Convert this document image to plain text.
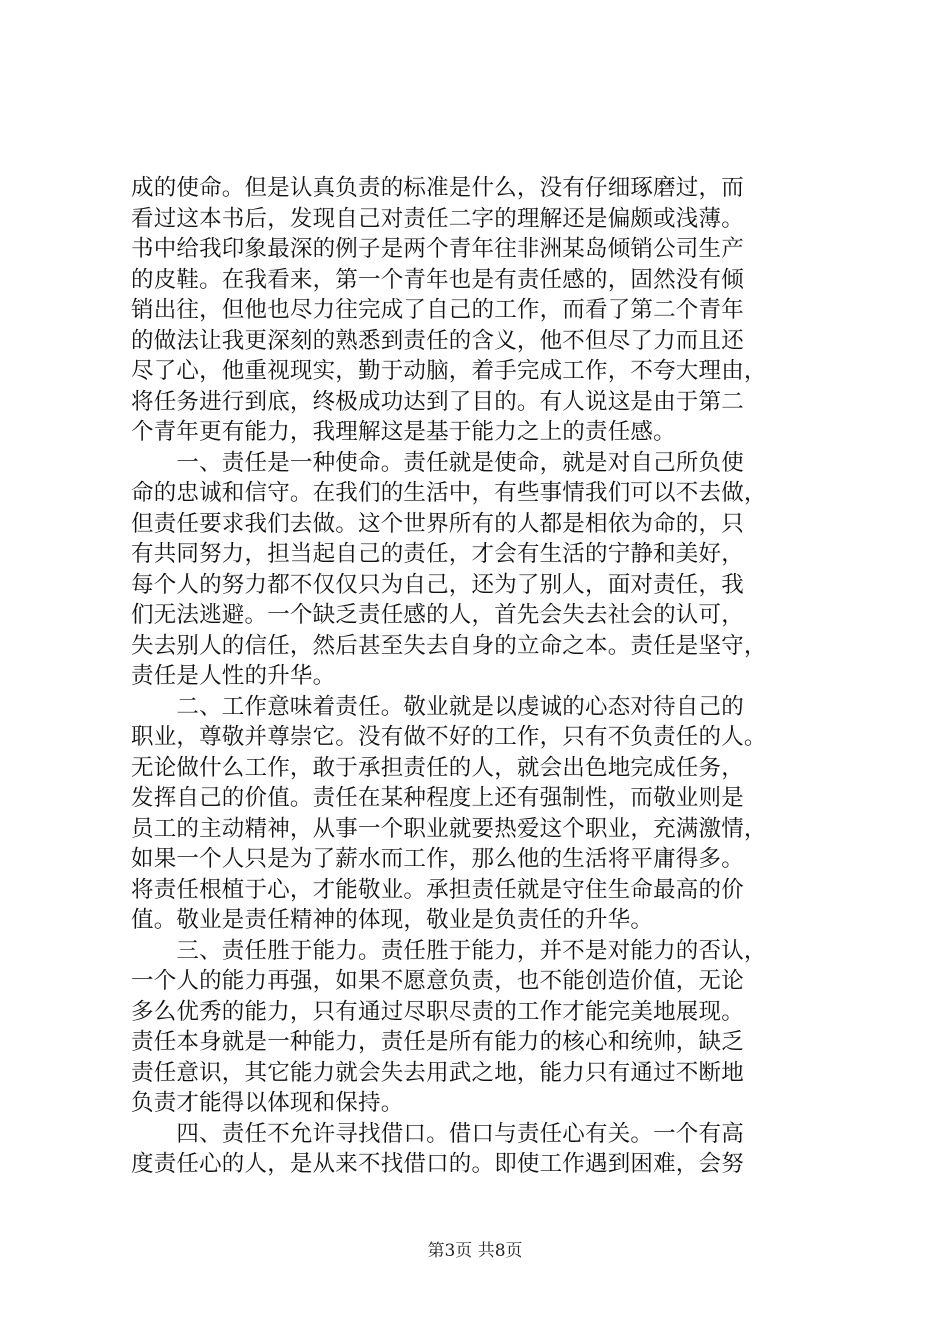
成的使命。但是认真负责的标准是什么，没有仔细琢磨过，而
看过这本书后，发现自己对责任二字的理解还是偏颇或浅薄。
书中给我印象最深的例子是两个青年往非洲某岛倾销公司生产
的皮鞋。在我看来，第一个青年也是有责任感的，固然没有倾
销出往，但他也尽力往完成了自己的工作，而看了第二个青年
的做法让我更深刻的熟悉到责任的含义，他不但尽了力而且还
尽了心，他重视现实，勤于动脑，着手完成工作，不夸大理由，
将任务进行到底，终极成功达到了目的。有人说这是由于第二
个青年更有能力，我理解这是基于能力之上的责任感。
　　一、责任是一种使命。责任就是使命，就是对自己所负使
命的忠诚和信守。在我们的生活中，有些事情我们可以不去做，
但责任要求我们去做。这个世界所有的人都是相依为命的，只
有共同努力，担当起自己的责任，才会有生活的宁静和美好，
每个人的努力都不仅仅只为自己，还为了别人，面对责任，我
们无法逃避。一个缺乏责任感的人，首先会失去社会的认可，
失去别人的信任，然后甚至失去自身的立命之本。责任是坚守，
责任是人性的升华。
　　二、工作意味着责任。敬业就是以虔诚的心态对待自己的
职业，尊敬并尊崇它。没有做不好的工作，只有不负责任的人。
无论做什么工作，敢于承担责任的人，就会出色地完成任务，
发挥自己的价值。责任在某种程度上还有强制性，而敬业则是
员工的主动精神，从事一个职业就要热爱这个职业，充满激情，
如果一个人只是为了薪水而工作，那么他的生活将平庸得多。
将责任根植于心，才能敬业。承担责任就是守住生命最高的价
值。敬业是责任精神的体现，敬业是负责任的升华。
　　三、责任胜于能力。责任胜于能力，并不是对能力的否认，
一个人的能力再强，如果不愿意负责，也不能创造价值，无论
多么优秀的能力，只有通过尽职尽责的工作才能完美地展现。
责任本身就是一种能力，责任是所有能力的核心和统帅，缺乏
责任意识，其它能力就会失去用武之地，能力只有通过不断地
负责才能得以体现和保持。
　　四、责任不允许寻找借口。借口与责任心有关。一个有高
度责任心的人，是从来不找借口的。即使工作遇到困难，会努
第3页 共8页
